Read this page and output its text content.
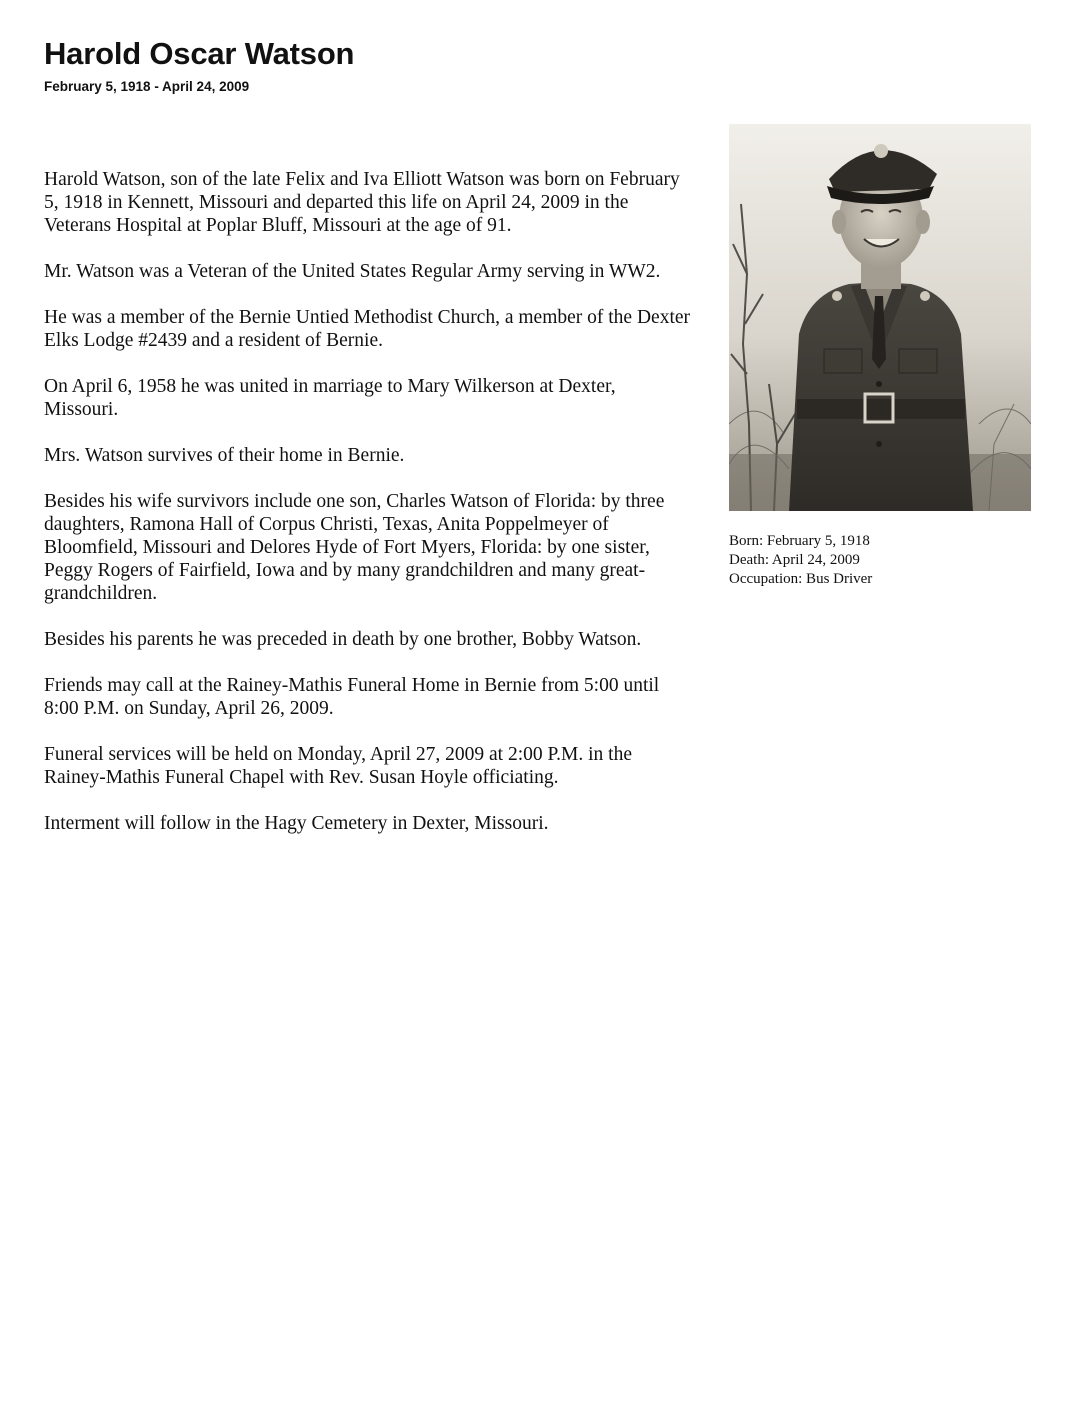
Harold Oscar Watson
February 5, 1918 - April 24, 2009

Harold Watson, son of the late Felix and Iva Elliott Watson was born on February 5, 1918 in Kennett, Missouri and departed this life on April 24, 2009 in the Veterans Hospital at Poplar Bluff, Missouri at the age of 91.

Mr. Watson was a Veteran of the United States Regular Army serving in WW2.

He was a member of the Bernie Untied Methodist Church, a member of the Dexter Elks Lodge #2439 and a resident of Bernie.

On April 6, 1958 he was united in marriage to Mary Wilkerson at Dexter, Missouri.

Mrs. Watson survives of their home in Bernie.

Besides his wife survivors include one son, Charles Watson of Florida: by three daughters, Ramona Hall of Corpus Christi, Texas, Anita Poppelmeyer of Bloomfield, Missouri and Delores Hyde of Fort Myers, Florida: by one sister, Peggy Rogers of Fairfield, Iowa and by many grandchildren and many great-grandchildren.

Besides his parents he was preceded in death by one brother, Bobby Watson.

Friends may call at the Rainey-Mathis Funeral Home in Bernie from 5:00 until 8:00 P.M. on Sunday, April 26, 2009.

Funeral services will be held on Monday, April 27, 2009 at 2:00 P.M. in the Rainey-Mathis Funeral Chapel with Rev. Susan Hoyle officiating.

Interment will follow in the Hagy Cemetery in Dexter, Missouri.

Born: February 5, 1918
Death: April 24, 2009
Occupation: Bus Driver
